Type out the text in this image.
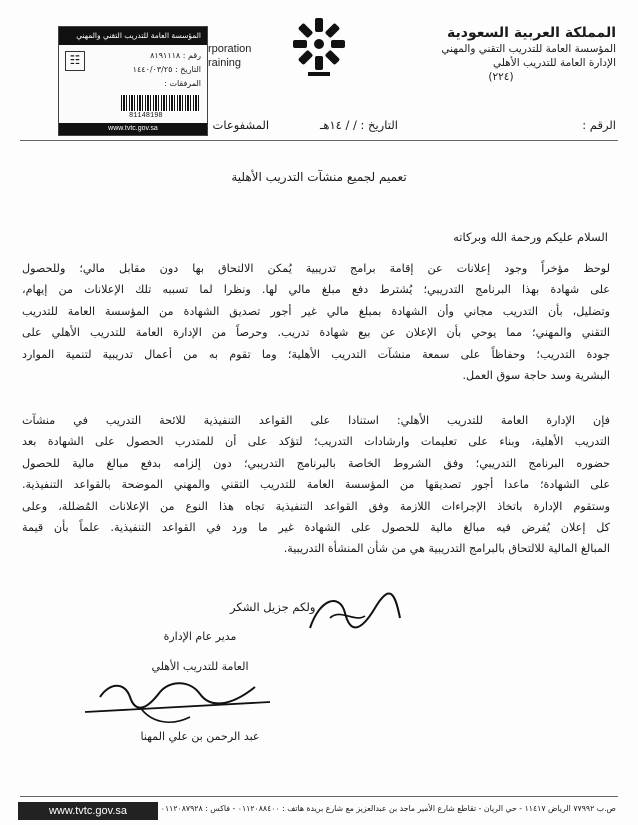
المملكة العربية السعودية
المؤسسة العامة للتدريب التقني والمهني
الإدارة العامة للتدريب الأهلي
(٢٢٤)
rporation
raining
المؤسسة العامة للتدريب التقني والمهني
☷	رقم : ٨١٩١١١٨
التاريخ : ١٤٤٠/٠٣/٢٥
المرفقات :
81148198
www.tvtc.gov.sa	الرقم :
التاريخ : / / ١٤هـ
المشفوعات :
تعميم لجميع منشآت التدريب الأهلية
السلام عليكم ورحمة الله وبركاته
لوحظ مؤخراً وجود إعلانات عن إقامة برامج تدريبية يُمكن الالتحاق بها دون مقابل مالي؛ وللحصول
على شهادة بهذا البرنامج التدريبي؛ يُشترط دفع مبلغ مالي لها. ونظرا لما تسببه تلك الإعلانات من إيهام،
وتضليل، بأن التدريب مجاني وأن الشهادة بمبلغ مالي غير أجور تصديق الشهادة من المؤسسة العامة للتدريب
التقني والمهني؛ مما يوحي بأن الإعلان عن بيع شهادة تدريب. وحرصاً من الإدارة العامة للتدريب الأهلي على
جودة التدريب؛ وحفاظاً على سمعة منشآت التدريب الأهلية؛ وما تقوم به من أعمال تدريبية لتنمية الموارد
البشرية وسد حاجة سوق العمل.
فإن الإدارة العامة للتدريب الأهلي: استنادا على القواعد التنفيذية للائحة التدريب في منشآت
التدريب الأهلية، وبناء على تعليمات وارشادات التدريب؛ لتؤكد على أن للمتدرب الحصول على الشهادة بعد
حضوره البرنامج التدريبي؛ وفق الشروط الخاصة بالبرنامج التدريبي؛ دون إلزامه بدفع مبالغ مالية للحصول
على الشهادة؛ ماعدا أجور تصديقها من المؤسسة العامة للتدريب التقني والمهني الموضحة بالقواعد التنفيذية.
وستقوم الإدارة باتخاذ الإجراءات اللازمة وفق القواعد التنفيذية تجاه هذا النوع من الإعلانات المُضللة، وعلى
كل إعلان يُفرض فيه مبالغ مالية للحصول على الشهادة غير ما ورد في القواعد التنفيذية. علماً بأن قيمة
المبالغ المالية للالتحاق بالبرامج التدريبية هي من شأن المنشأة التدريبية.
ولكم جزيل الشكر
مدير عام الإدارة
العامة للتدريب الأهلي
عبد الرحمن بن علي المهنا
www.tvtc.gov.sa	ص.ب ٧٧٩٩٢ الرياض ١١٤١٧ - حي الريان - تقاطع شارع الأمير ماجد بن عبدالعزيز مع شارع بريدة هاتف : ٠١١٢٠٨٨٤٠٠ - فاكس : ٠١١٢٠٨٧٩٢٨
